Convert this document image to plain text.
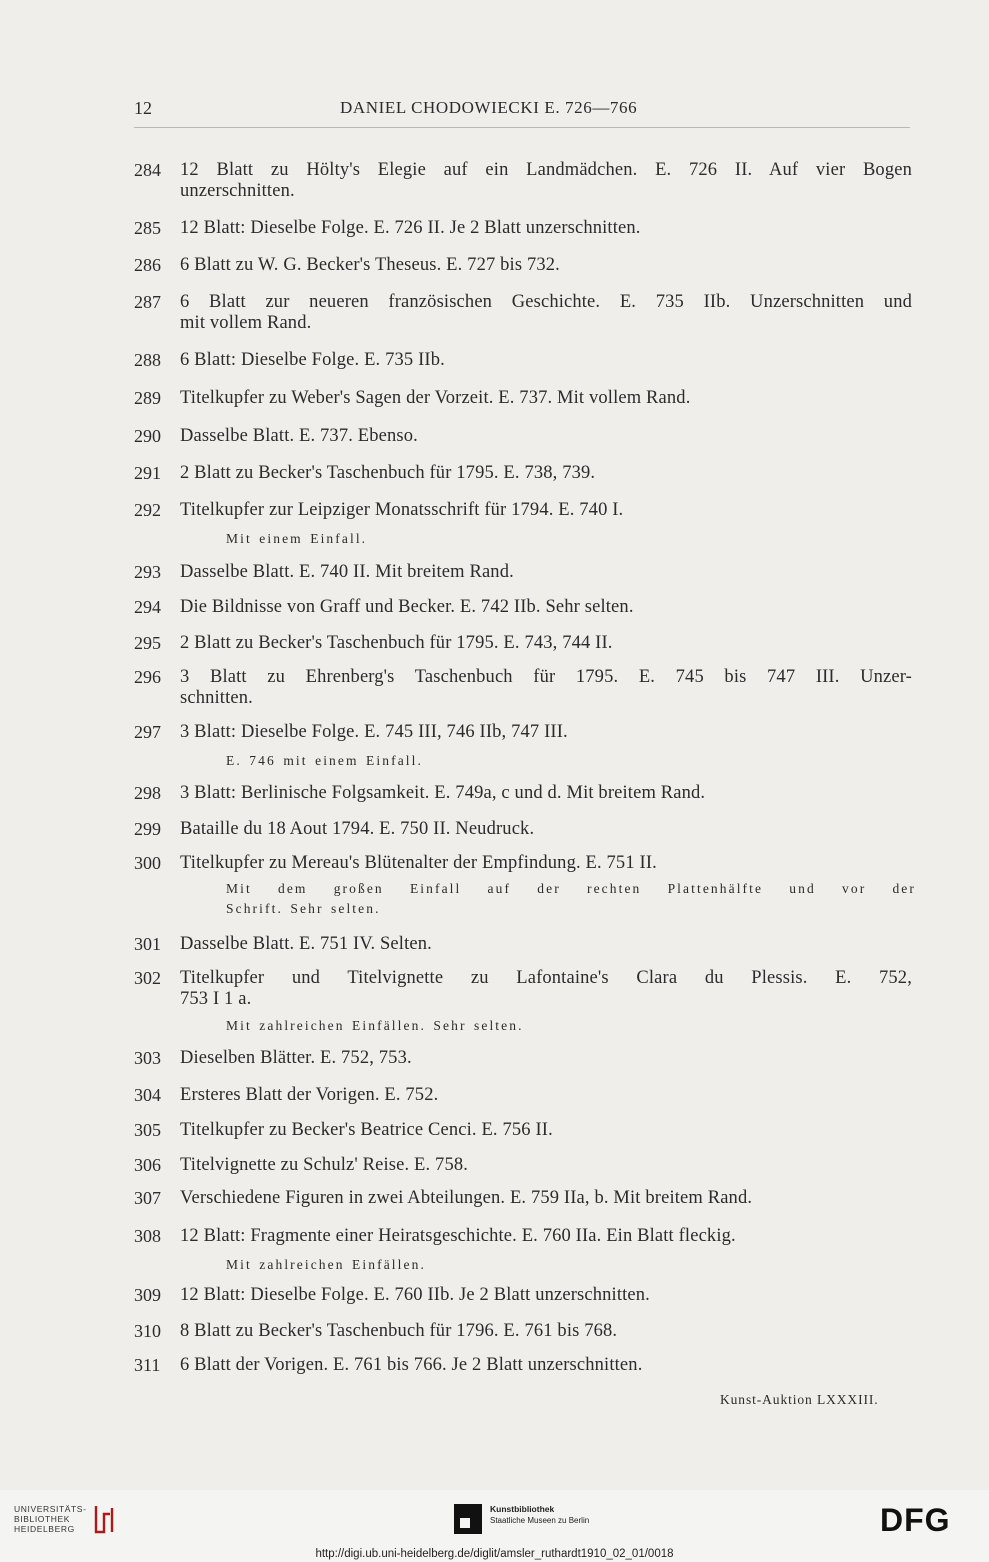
12	DANIEL CHODOWIECKI E. 726—766
284 12 Blatt zu Hölty's Elegie auf ein Landmädchen. E. 726 II. Auf vier Bogen
unzerschnitten.
285 12 Blatt: Dieselbe Folge. E. 726 II. Je 2 Blatt unzerschnitten.
286 6 Blatt zu W. G. Becker's Theseus. E. 727 bis 732.
287 6 Blatt zur neueren französischen Geschichte. E. 735 IIb. Unzerschnitten und
mit vollem Rand.
288 6 Blatt: Dieselbe Folge. E. 735 IIb.
289 Titelkupfer zu Weber's Sagen der Vorzeit. E. 737. Mit vollem Rand.
290 Dasselbe Blatt. E. 737. Ebenso.
291 2 Blatt zu Becker's Taschenbuch für 1795. E. 738, 739.
292 Titelkupfer zur Leipziger Monatsschrift für 1794. E. 740 I.
Mit einem Einfall.
293 Dasselbe Blatt. E. 740 II. Mit breitem Rand.
294 Die Bildnisse von Graff und Becker. E. 742 IIb. Sehr selten.
295 2 Blatt zu Becker's Taschenbuch für 1795. E. 743, 744 II.
296 3 Blatt zu Ehrenberg's Taschenbuch für 1795. E. 745 bis 747 III. Unzer-
schnitten.
297 3 Blatt: Dieselbe Folge. E. 745 III, 746 IIb, 747 III.
E. 746 mit einem Einfall.
298 3 Blatt: Berlinische Folgsamkeit. E. 749a, c und d. Mit breitem Rand.
299 Bataille du 18 Aout 1794. E. 750 II. Neudruck.
300 Titelkupfer zu Mereau's Blütenalter der Empfindung. E. 751 II.
Mit dem großen Einfall auf der rechten Plattenhälfte und vor der
Schrift. Sehr selten.
301 Dasselbe Blatt. E. 751 IV. Selten.
302 Titelkupfer und Titelvignette zu Lafontaine's Clara du Plessis. E. 752,
753 I 1 a.
Mit zahlreichen Einfällen. Sehr selten.
303 Dieselben Blätter. E. 752, 753.
304 Ersteres Blatt der Vorigen. E. 752.
305 Titelkupfer zu Becker's Beatrice Cenci. E. 756 II.
306 Titelvignette zu Schulz' Reise. E. 758.
307 Verschiedene Figuren in zwei Abteilungen. E. 759 IIa, b. Mit breitem Rand.
308 12 Blatt: Fragmente einer Heiratsgeschichte. E. 760 IIa. Ein Blatt fleckig.
Mit zahlreichen Einfällen.
309 12 Blatt: Dieselbe Folge. E. 760 IIb. Je 2 Blatt unzerschnitten.
310 8 Blatt zu Becker's Taschenbuch für 1796. E. 761 bis 768.
311 6 Blatt der Vorigen. E. 761 bis 766. Je 2 Blatt unzerschnitten.
Kunst-Auktion LXXXIII.
UNIVERSITÄTS-
BIBLIOTHEK
HEIDELBERG
Kunstbibliothek
Staatliche Museen zu Berlin	DFG
http://digi.ub.uni-heidelberg.de/diglit/amsler_ruthardt1910_02_01/0018
